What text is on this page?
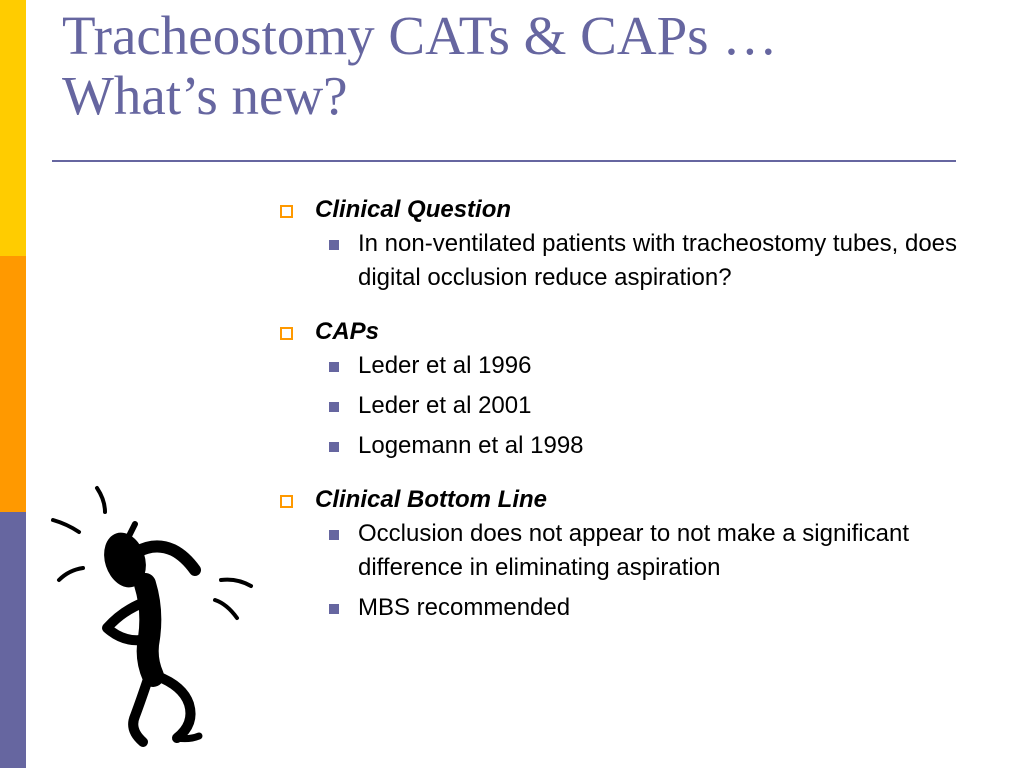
Tracheostomy CATs & CAPs …
What’s new?
Clinical Question
In non-ventilated patients with tracheostomy tubes, does digital occlusion reduce aspiration?
CAPs
Leder et al 1996
Leder et al 2001
Logemann et al 1998
Clinical Bottom Line
Occlusion does not appear to not make a significant difference in eliminating aspiration
MBS recommended
